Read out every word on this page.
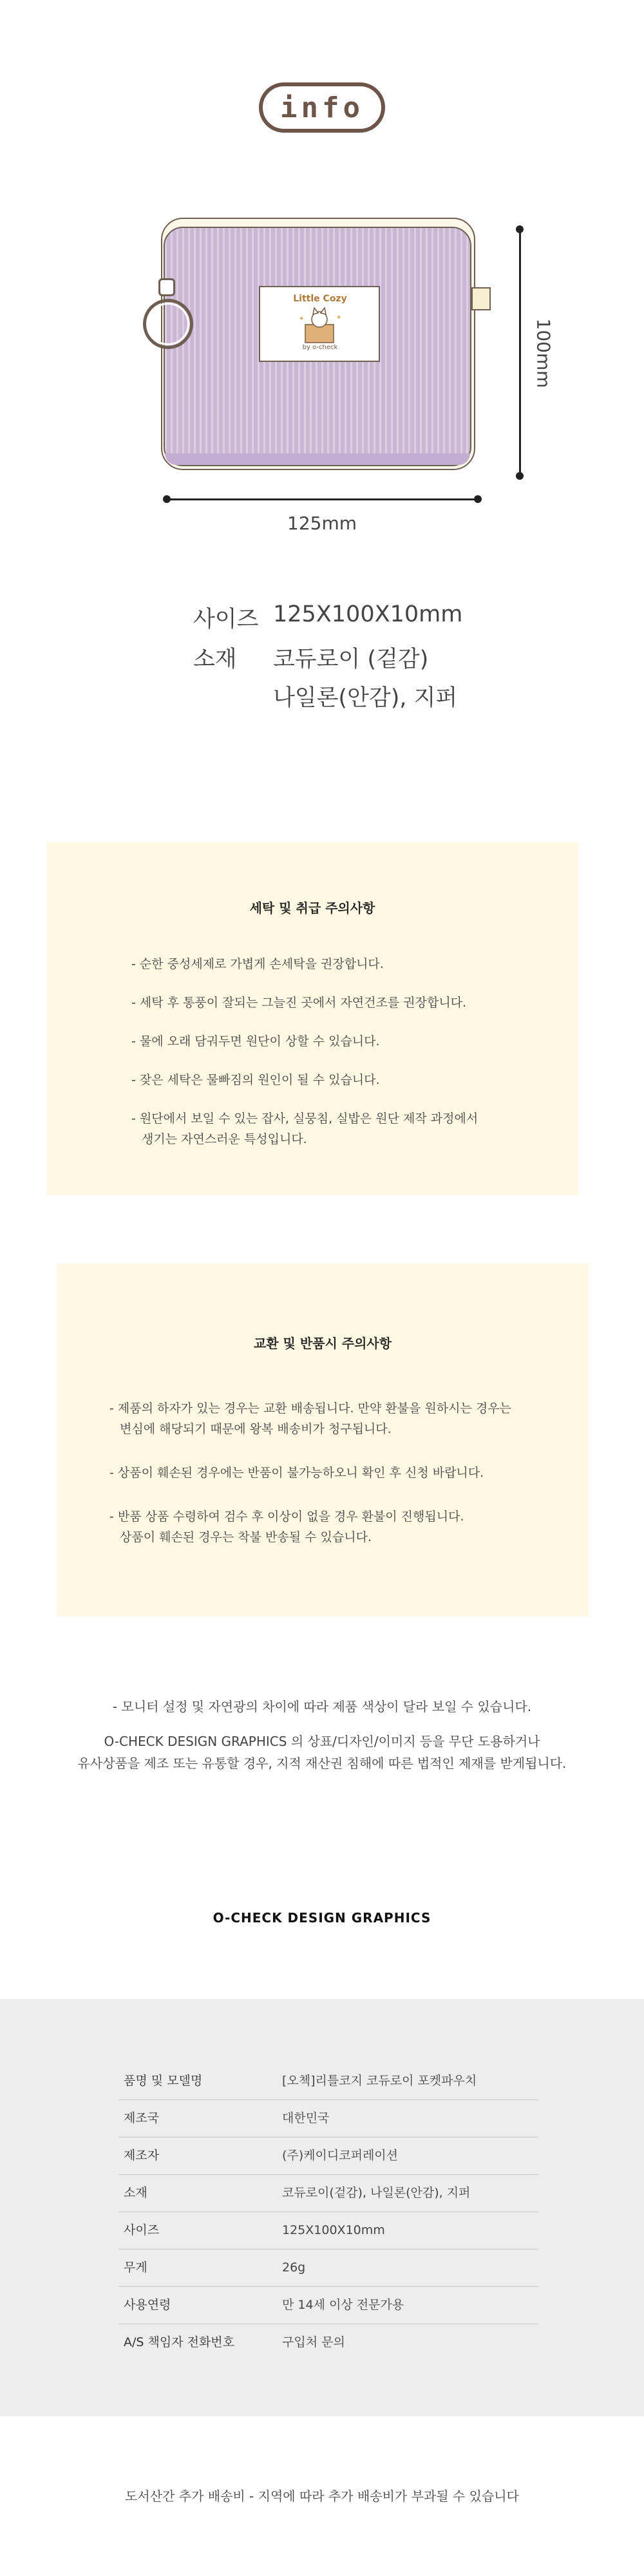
info
✦	✦
Little Cozy
by o-check
125mm
100mm
사이즈 125X100X10mm
소재 코듀로이 (겉감)
나일론(안감), 지퍼
세탁 및 취급 주의사항
- 순한 중성세제로 가볍게 손세탁을 권장합니다.
- 세탁 후 통풍이 잘되는 그늘진 곳에서 자연건조를 권장합니다.
- 물에 오래 담궈두면 원단이 상할 수 있습니다.
- 잦은 세탁은 물빠짐의 원인이 될 수 있습니다.
- 원단에서 보일 수 있는 잡사, 실뭉침, 실밥은 원단 제작 과정에서
생기는 자연스러운 특성입니다.
교환 및 반품시 주의사항
- 제품의 하자가 있는 경우는 교환 배송됩니다. 만약 환불을 원하시는 경우는
변심에 해당되기 때문에 왕복 배송비가 청구됩니다.
- 상품이 훼손된 경우에는 반품이 불가능하오니 확인 후 신청 바랍니다.
- 반품 상품 수령하여 검수 후 이상이 없을 경우 환불이 진행됩니다.
상품이 훼손된 경우는 착불 반송될 수 있습니다.
- 모니터 설정 및 자연광의 차이에 따라 제품 색상이 달라 보일 수 있습니다.
O-CHECK DESIGN GRAPHICS 의 상표/디자인/이미지 등을 무단 도용하거나
유사상품을 제조 또는 유통할 경우, 지적 재산권 침해에 따른 법적인 제재를 받게됩니다.
O-CHECK DESIGN GRAPHICS
품명 및 모델명	[오첵]리틀코지 코듀로이 포켓파우치
제조국	대한민국
제조자	(주)케이디코퍼레이션
소재	코듀로이(겉감), 나일론(안감), 지퍼
사이즈	125X100X10mm
무게	26g
사용연령	만 14세 이상 전문가용
A/S 책임자 전화번호	구입처 문의
도서산간 추가 배송비 - 지역에 따라 추가 배송비가 부과될 수 있습니다
